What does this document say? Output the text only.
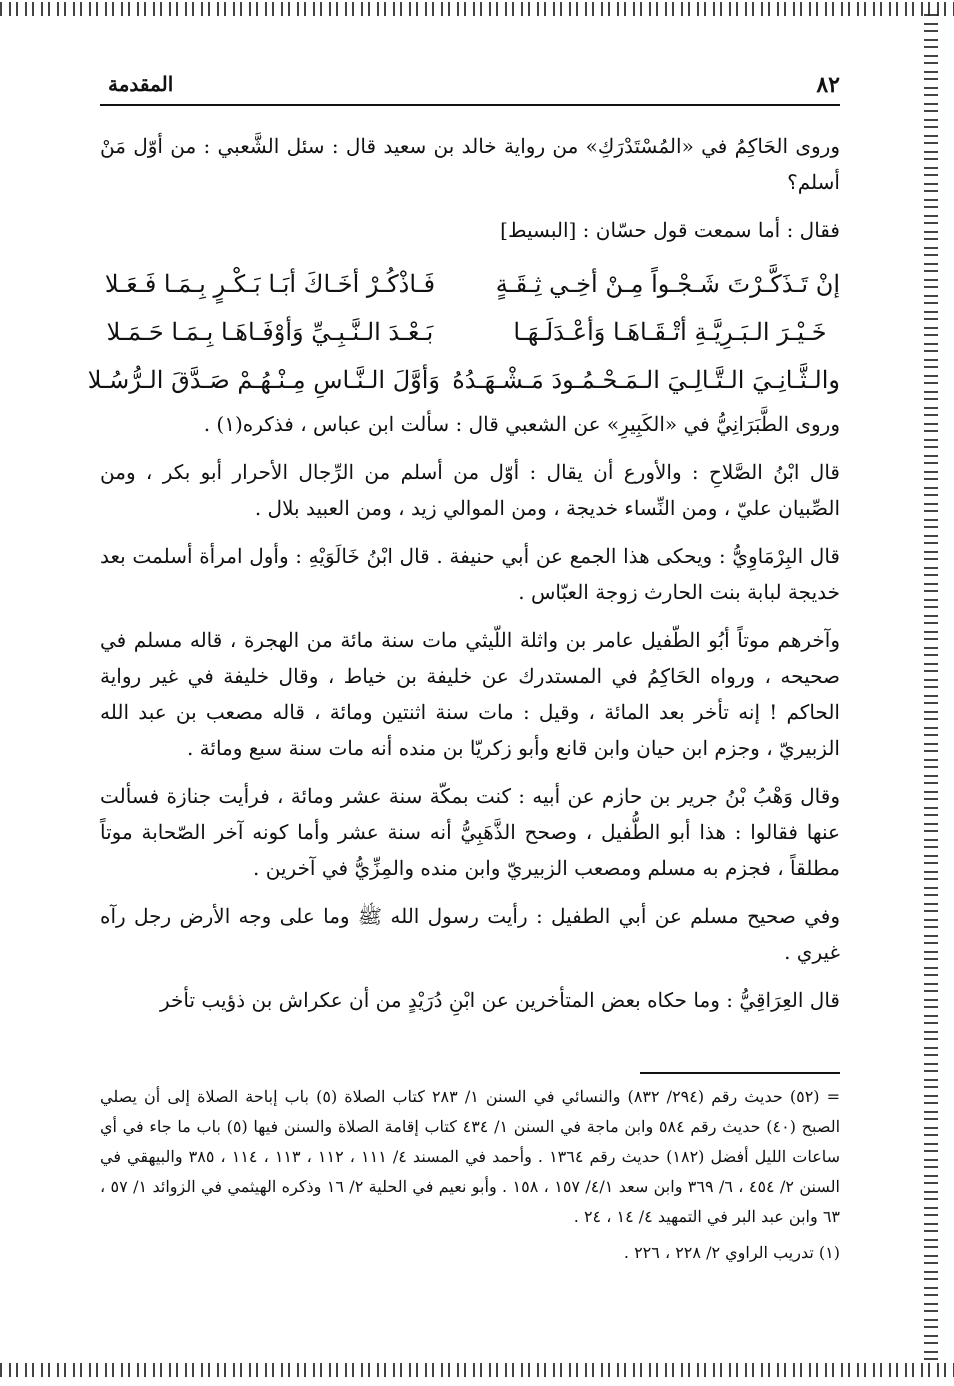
٨٢
المقدمة

وروى الحَاكِمُ في «المُسْتَدْرَكِ» من رواية خالد بن سعيد قال : سئل الشَّعبي : من أوّل مَنْ أسلم؟

فقال : أما سمعت قول حسّان : [البسيط]

إنْ تَـذَكَّـرْتَ شَـجْـواً مِـنْ أخِـي ثِـقَـةٍ
فَـاذْكُـرْ أخَـاكَ أبَـا بَـكْـرٍ بِـمَـا فَـعَـلا
خَـيْـرَ الـبَـرِيَّـةِ أتْـقَـاهَـا وَأعْـدَلَـهَـا
بَـعْـدَ الـنَّـبِـيِّ وَأوْفَـاهَـا بِـمَـا حَـمَـلا
والـثَّـانِـيَ الـتَّـالِـيَ الـمَـحْـمُـودَ مَـشْـهَـدُهُ
وَأوَّلَ الـنَّـاسِ مِـنْـهُـمْ صَـدَّقَ الـرُّسُـلا

وروى الطَّبَرَانِيُّ في «الكَبِيرِ» عن الشعبي قال : سألت ابن عباس ، فذكره(١) .

قال ابْنُ الصَّلاحِ : والأورع أن يقال : أوّل من أسلم من الرِّجال الأحرار أبو بكر ، ومن الصِّبيان عليّ ، ومن النِّساء خديجة ، ومن الموالي زيد ، ومن العبيد بلال .

قال البِرْمَاوِيُّ : ويحكى هذا الجمع عن أبي حنيفة . قال ابْنُ خَالَوَيْهِ : وأول امرأة أسلمت بعد خديجة لبابة بنت الحارث زوجة العبّاس .

وآخرهم موتاً أبُو الطّفيل عامر بن واثلة اللّيثي مات سنة مائة من الهجرة ، قاله مسلم في صحيحه ، ورواه الحَاكِمُ في المستدرك عن خليفة بن خياط ، وقال خليفة في غير رواية الحاكم ! إنه تأخر بعد المائة ، وقيل : مات سنة اثنتين ومائة ، قاله مصعب بن عبد الله الزبيريّ ، وجزم ابن حيان وابن قانع وأبو زكريّا بن منده أنه مات سنة سبع ومائة .

وقال وَهْبُ بْنُ جرير بن حازم عن أبيه : كنت بمكّة سنة عشر ومائة ، فرأيت جنازة فسألت عنها فقالوا : هذا أبو الطُّفيل ، وصحح الذَّهَبِيُّ أنه سنة عشر وأما كونه آخر الصّحابة موتاً مطلقاً ، فجزم به مسلم ومصعب الزبيريّ وابن منده والمِزِّيُّ في آخرين .

وفي صحيح مسلم عن أبي الطفيل : رأيت رسول الله ﷺ وما على وجه الأرض رجل رآه غيري .

قال العِرَاقِيُّ : وما حكاه بعض المتأخرين عن ابْنِ دُرَيْدٍ من أن عكراش بن ذؤيب تأخر

= (٥٢) حديث رقم (٢٩٤/ ٨٣٢) والنسائي في السنن ١/ ٢٨٣ كتاب الصلاة (٥) باب إباحة الصلاة إلى أن يصلي الصبح (٤٠) حديث رقم ٥٨٤ وابن ماجة في السنن ١/ ٤٣٤ كتاب إقامة الصلاة والسنن فيها (٥) باب ما جاء في أي ساعات الليل أفضل (١٨٢) حديث رقم ١٣٦٤ . وأحمد في المسند ٤/ ١١١ ، ١١٢ ، ١١٣ ، ١١٤ ، ٣٨٥ والبيهقي في السنن ٢/ ٤٥٤ ، ٦/ ٣٦٩ وابن سعد ٤/١/ ١٥٧ ، ١٥٨ . وأبو نعيم في الحلية ٢/ ١٦ وذكره الهيثمي في الزوائد ١/ ٥٧ ، ٦٣ وابن عبد البر في التمهيد ٤/ ١٤ ، ٢٤ .
(١) تدريب الراوي ٢/ ٢٢٨ ، ٢٢٦ .
